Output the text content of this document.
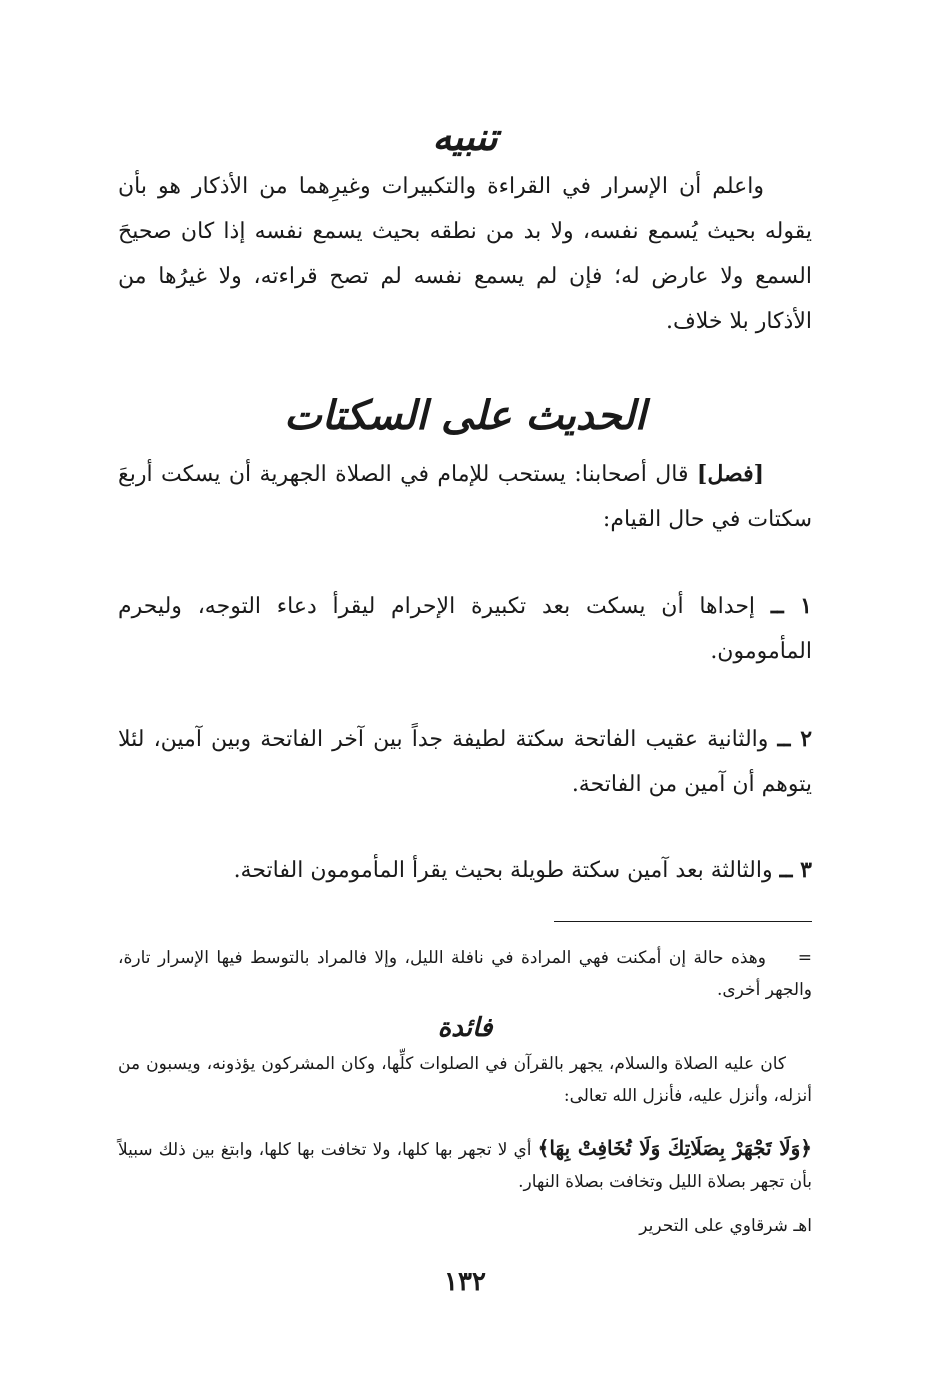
تنبيه

واعلم أن الإسرار في القراءة والتكبيرات وغيرِهما من الأذكار هو بأن يقوله بحيث يُسمع نفسه، ولا بد من نطقه بحيث يسمع نفسه إذا كان صحيحَ السمع ولا عارض له؛ فإن لم يسمع نفسه لم تصح قراءته، ولا غيرُها من الأذكار بلا خلاف.

الحديث على السكتات

[فصل] قال أصحابنا: يستحب للإمام في الصلاة الجهرية أن يسكت أربعَ سكتات في حال القيام:

١ ــ إحداها أن يسكت بعد تكبيرة الإحرام ليقرأ دعاء التوجه، وليحرم المأمومون.

٢ ــ والثانية عقيب الفاتحة سكتة لطيفة جداً بين آخر الفاتحة وبين آمين، لئلا يتوهم أن آمين من الفاتحة.

٣ ــ والثالثة بعد آمين سكتة طويلة بحيث يقرأ المأمومون الفاتحة.

=وهذه حالة إن أمكنت فهي المرادة في نافلة الليل، وإلا فالمراد بالتوسط فيها الإسرار تارة، والجهر أخرى.

فائدة

كان عليه الصلاة والسلام، يجهر بالقرآن في الصلوات كلِّها، وكان المشركون يؤذونه، ويسبون من أنزله، وأنزل عليه، فأنزل الله تعالى:

﴿وَلَا تَجْهَرْ بِصَلَاتِكَ وَلَا تُخَافِتْ بِهَا﴾ أي لا تجهر بها كلها، ولا تخافت بها كلها، وابتغ بين ذلك سبيلاً بأن تجهر بصلاة الليل وتخافت بصلاة النهار.

اهـ شرقاوي على التحرير

١٣٢
